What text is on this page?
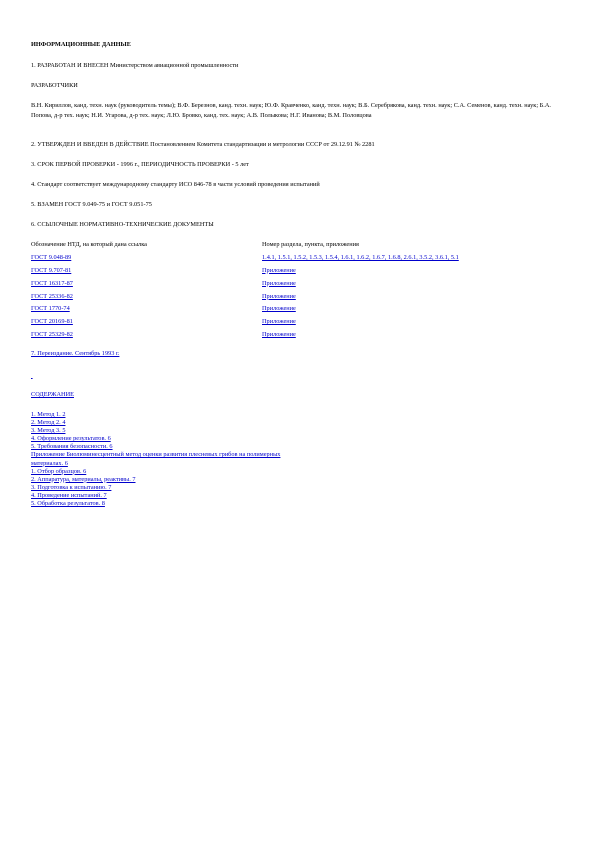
ИНФОРМАЦИОННЫЕ ДАННЫЕ
1. РАЗРАБОТАН И ВНЕСЕН Министерством авиационной промышленности
РАЗРАБОТЧИКИ
В.Н. Кириллов, канд. техн. наук (руководитель темы); В.Ф. Березнов, канд. техн. наук; Ю.Ф. Кравченко, канд. техн. наук; В.Б. Серебрякова, канд. техн. наук; С.А. Семенов, канд. техн. наук; Б.А. Попова, д-р тех. наук; Н.И. Угарова, д-р тех. наук; Л.Ю. Бровко, канд. тех. наук; А.В. Полыкова; Н.Г. Иванова; В.М. Половцова
2. УТВЕРЖДЕН И ВВЕДЕН В ДЕЙСТВИЕ Постановлением Комитета стандартизации и метрологии СССР от 29.12.91 № 2281
3. СРОК ПЕРВОЙ ПРОВЕРКИ - 1996 г., ПЕРИОДИЧНОСТЬ ПРОВЕРКИ - 5 лет
4. Стандарт соответствует международному стандарту ИСО 846-78 в части условий проведения испытаний
5. ВЗАМЕН ГОСТ 9.049-75 и ГОСТ 9.051-75
6. ССЫЛОЧНЫЕ НОРМАТИВНО-ТЕХНИЧЕСКИЕ ДОКУМЕНТЫ
Обозначение НТД, на который дана ссылка	Номер раздела, пункта, приложения
ГОСТ 9.048-89	1.4.1, 1.5.1, 1.5.2, 1.5.3, 1.5.4, 1.6.1, 1.6.2, 1.6.7, 1.6.8, 2.6.1, 3.5.2, 3.6.1, 5.1
ГОСТ 9.707-81	Приложение
ГОСТ 16317-87	Приложение
ГОСТ 25336-82	Приложение
ГОСТ 1770-74	Приложение
ГОСТ 20169-81	Приложение
ГОСТ 25329-82	Приложение
7. Переиздание. Сентябрь 1993 г.

СОДЕРЖАНИЕ
1. Метод 1. 2
2. Метод 2. 4
3. Метод 3. 5
4. Оформление результатов. 6
5. Требования безопасности. 6
Приложение Биолюминесцентный метод оценки развития плесневых грибов на полимерных
материалах. 6
1. Отбор образцов. 6
2. Аппаратура, материалы, реактивы. 7
3. Подготовка к испытанию. 7
4. Проведение испытаний. 7
5. Обработка результатов. 8
